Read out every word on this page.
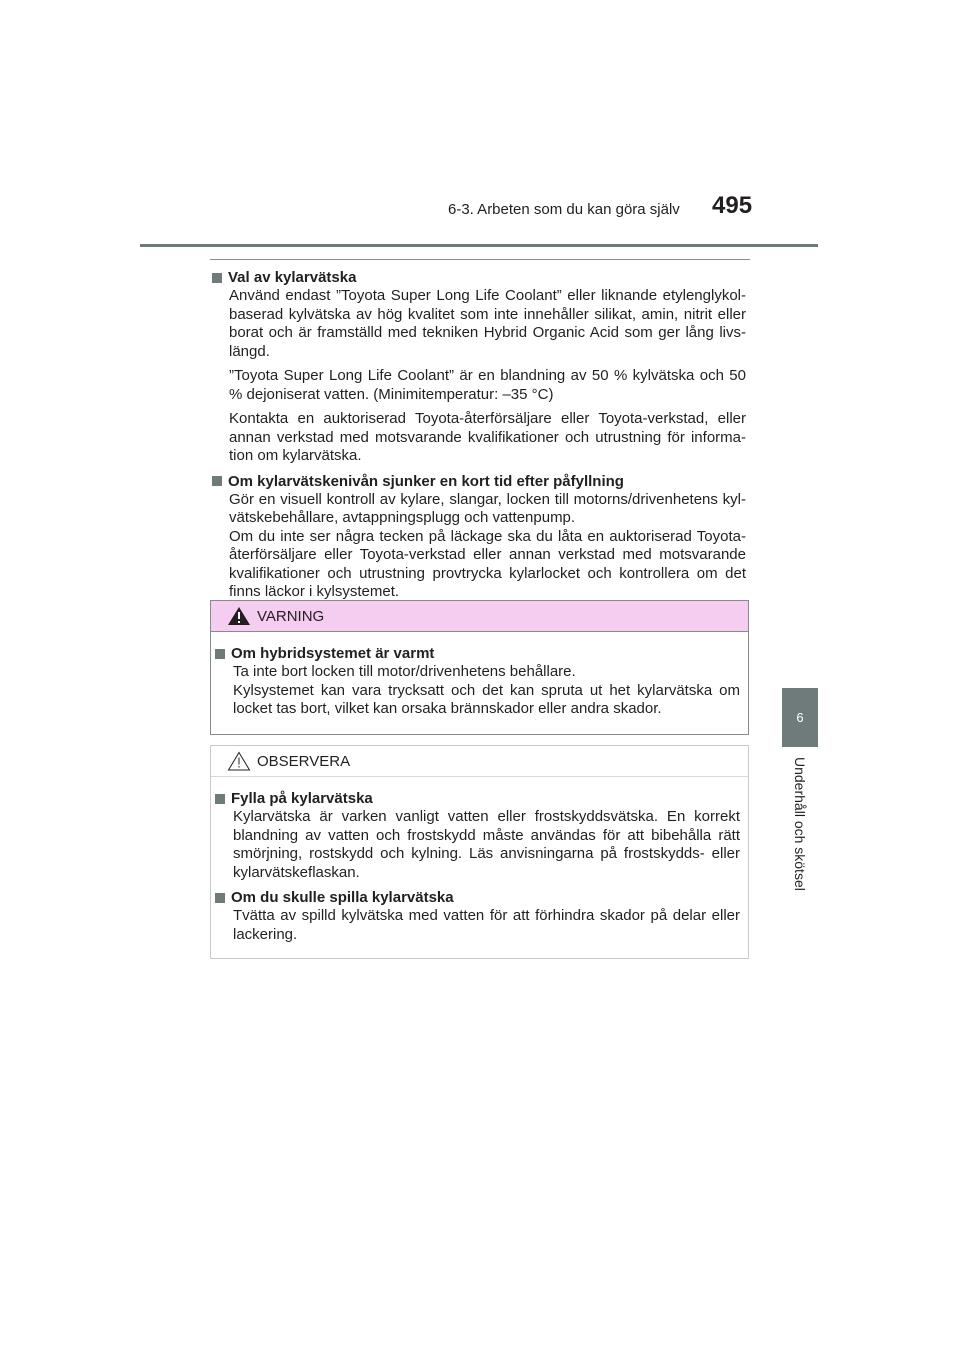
6-3. Arbeten som du kan göra själv 495
6
Underhåll och skötsel
Val av kylarvätska

Använd endast ”Toyota Super Long Life Coolant” eller liknande etylenglykol-baserad kylvätska av hög kvalitet som inte innehåller silikat, amin, nitrit eller borat och är framställd med tekniken Hybrid Organic Acid som ger lång livs-längd.

”Toyota Super Long Life Coolant” är en blandning av 50 % kylvätska och 50 % dejoniserat vatten. (Minimitemperatur: –35 °C)

Kontakta en auktoriserad Toyota-återförsäljare eller Toyota-verkstad, eller annan verkstad med motsvarande kvalifikationer och utrustning för informa-tion om kylarvätska.

Om kylarvätskenivån sjunker en kort tid efter påfyllning

Gör en visuell kontroll av kylare, slangar, locken till motorns/drivenhetens kyl-vätskebehållare, avtappningsplugg och vattenpump.

Om du inte ser några tecken på läckage ska du låta en auktoriserad Toyota-återförsäljare eller Toyota-verkstad eller annan verkstad med motsvarande kvalifikationer och utrustning provtrycka kylarlocket och kontrollera om det finns läckor i kylsystemet.

VARNING
Om hybridsystemet är varmt

Ta inte bort locken till motor/drivenhetens behållare.

Kylsystemet kan vara trycksatt och det kan spruta ut het kylarvätska om locket tas bort, vilket kan orsaka brännskador eller andra skador.

OBSERVERA
Fylla på kylarvätska

Kylarvätska är varken vanligt vatten eller frostskyddsvätska. En korrekt blandning av vatten och frostskydd måste användas för att bibehålla rätt smörjning, rostskydd och kylning. Läs anvisningarna på frostskydds- eller kylarvätskeflaskan.

Om du skulle spilla kylarvätska

Tvätta av spilld kylvätska med vatten för att förhindra skador på delar eller lackering.
